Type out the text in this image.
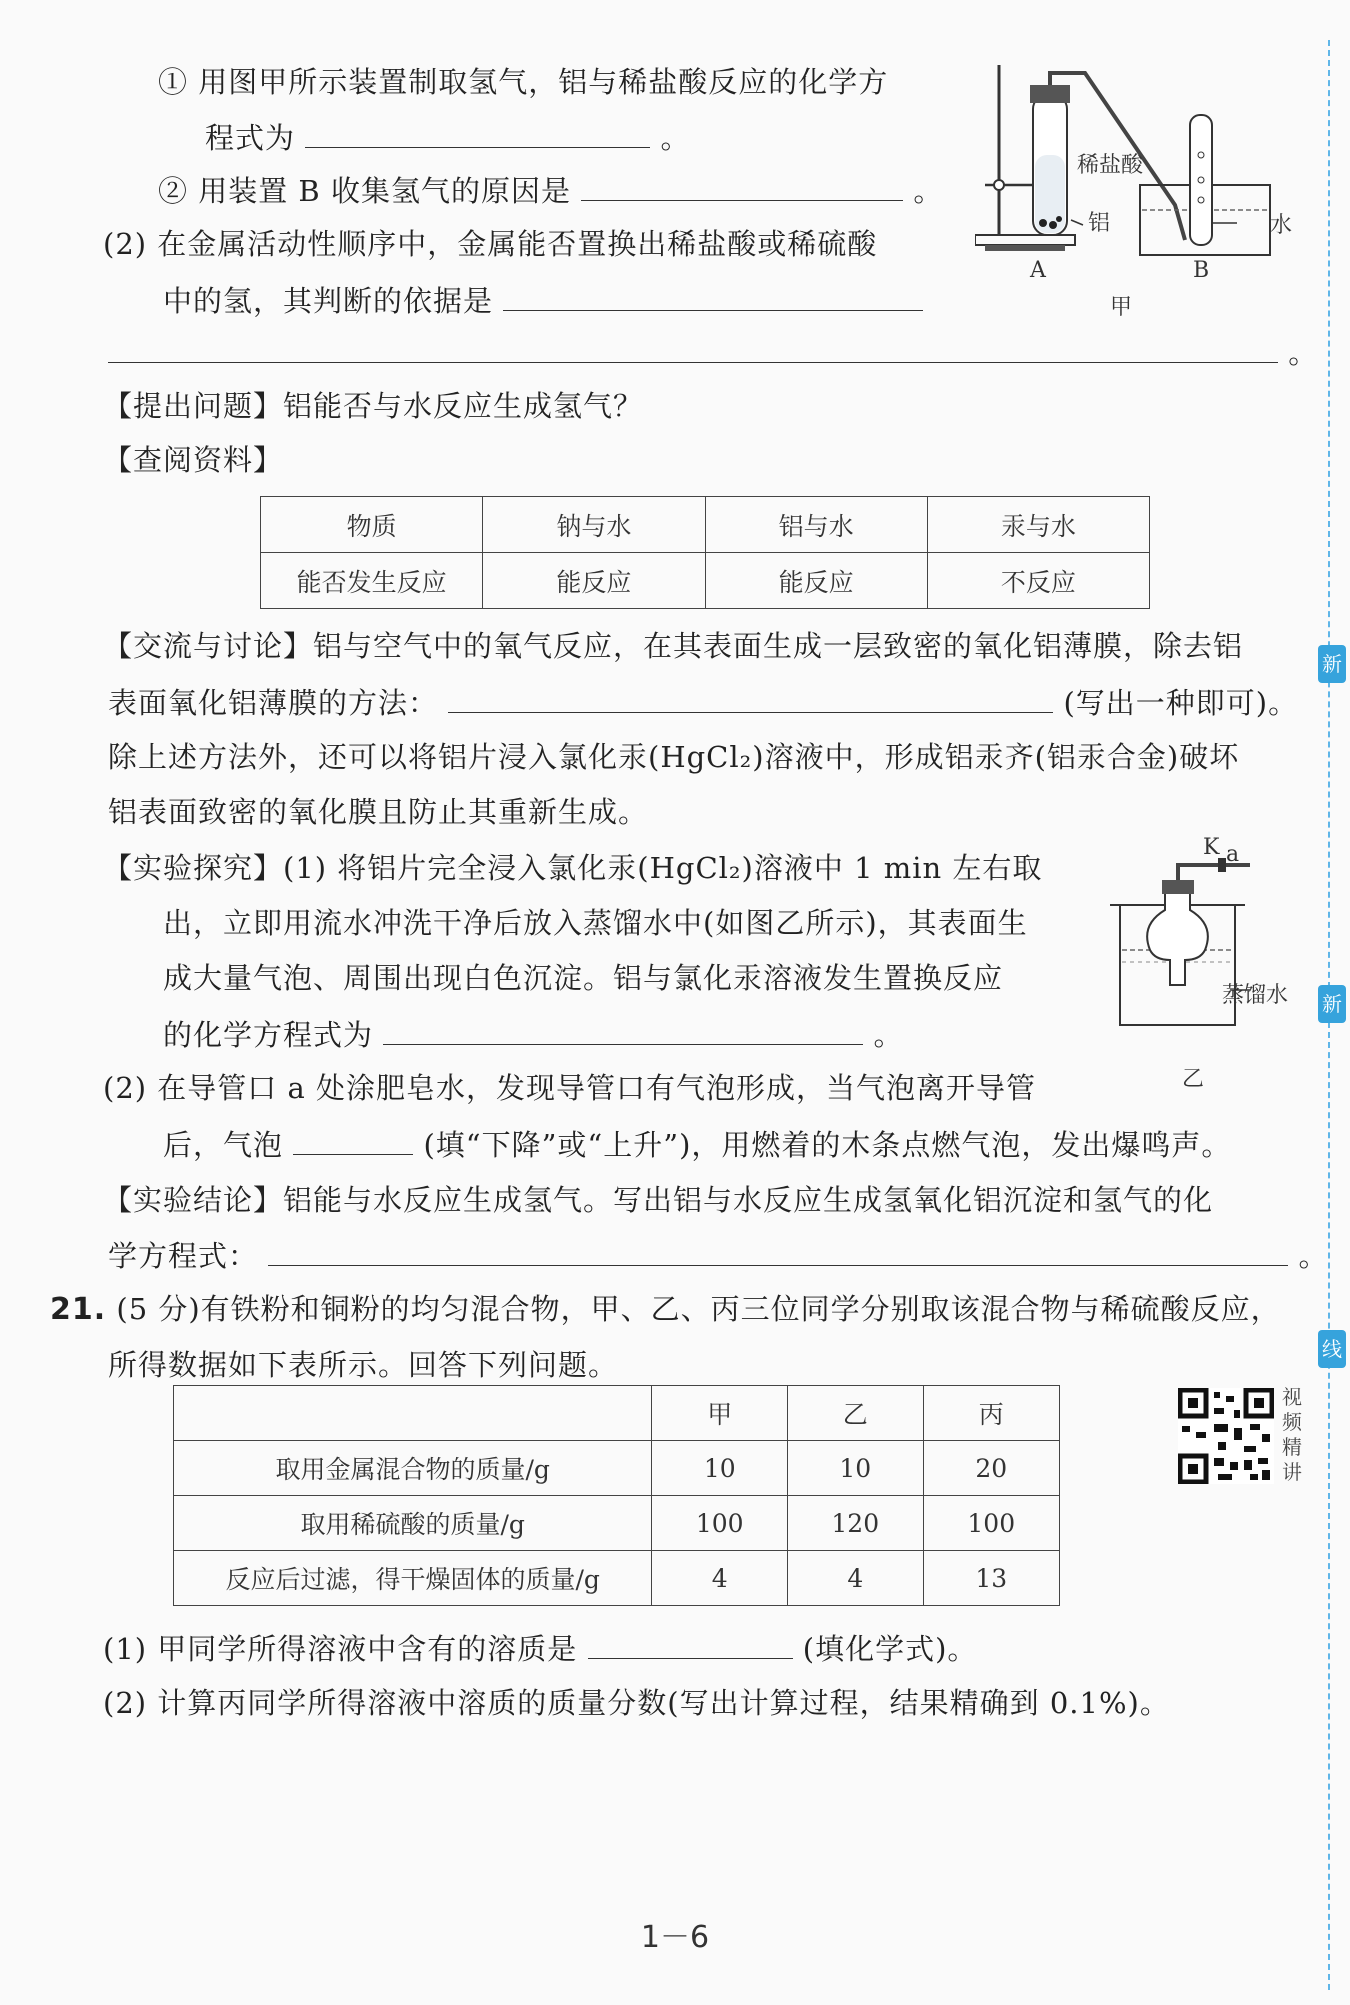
① 用图甲所示装置制取氢气，铝与稀盐酸反应的化学方
程式为	。
② 用装置 B 收集氢气的原因是	。
(2) 在金属活动性顺序中，金属能否置换出稀盐酸或稀硫酸
中的氢，其判断的依据是
。
稀盐酸
铝	水
A	B
甲
【提出问题】铝能否与水反应生成氢气？
【查阅资料】
物质	钠与水	铝与水	汞与水
能否发生反应	能反应	能反应	不反应
【交流与讨论】铝与空气中的氧气反应，在其表面生成一层致密的氧化铝薄膜，除去铝
表面氧化铝薄膜的方法：	(写出一种即可)。
除上述方法外，还可以将铝片浸入氯化汞(HgCl₂)溶液中，形成铝汞齐(铝汞合金)破坏
铝表面致密的氧化膜且防止其重新生成。
【实验探究】(1) 将铝片完全浸入氯化汞(HgCl₂)溶液中 1 min 左右取
出，立即用流水冲洗干净后放入蒸馏水中(如图乙所示)，其表面生
成大量气泡、周围出现白色沉淀。铝与氯化汞溶液发生置换反应
的化学方程式为	。
(2) 在导管口 a 处涂肥皂水，发现导管口有气泡形成，当气泡离开导管
后，气泡	(填“下降”或“上升”)，用燃着的木条点燃气泡，发出爆鸣声。
K a
蒸馏水
乙
【实验结论】铝能与水反应生成氢气。写出铝与水反应生成氢氧化铝沉淀和氢气的化
学方程式：	。
21. (5 分)有铁粉和铜粉的均匀混合物，甲、乙、丙三位同学分别取该混合物与稀硫酸反应，
所得数据如下表所示。回答下列问题。
	甲	乙	丙
取用金属混合物的质量/g	10	10	20
取用稀硫酸的质量/g	100	120	100
反应后过滤，得干燥固体的质量/g	4	4	13
视
频
精
讲
(1) 甲同学所得溶液中含有的溶质是	(填化学式)。
(2) 计算丙同学所得溶液中溶质的质量分数(写出计算过程，结果精确到 0.1%)。
1－6
新
新
线
